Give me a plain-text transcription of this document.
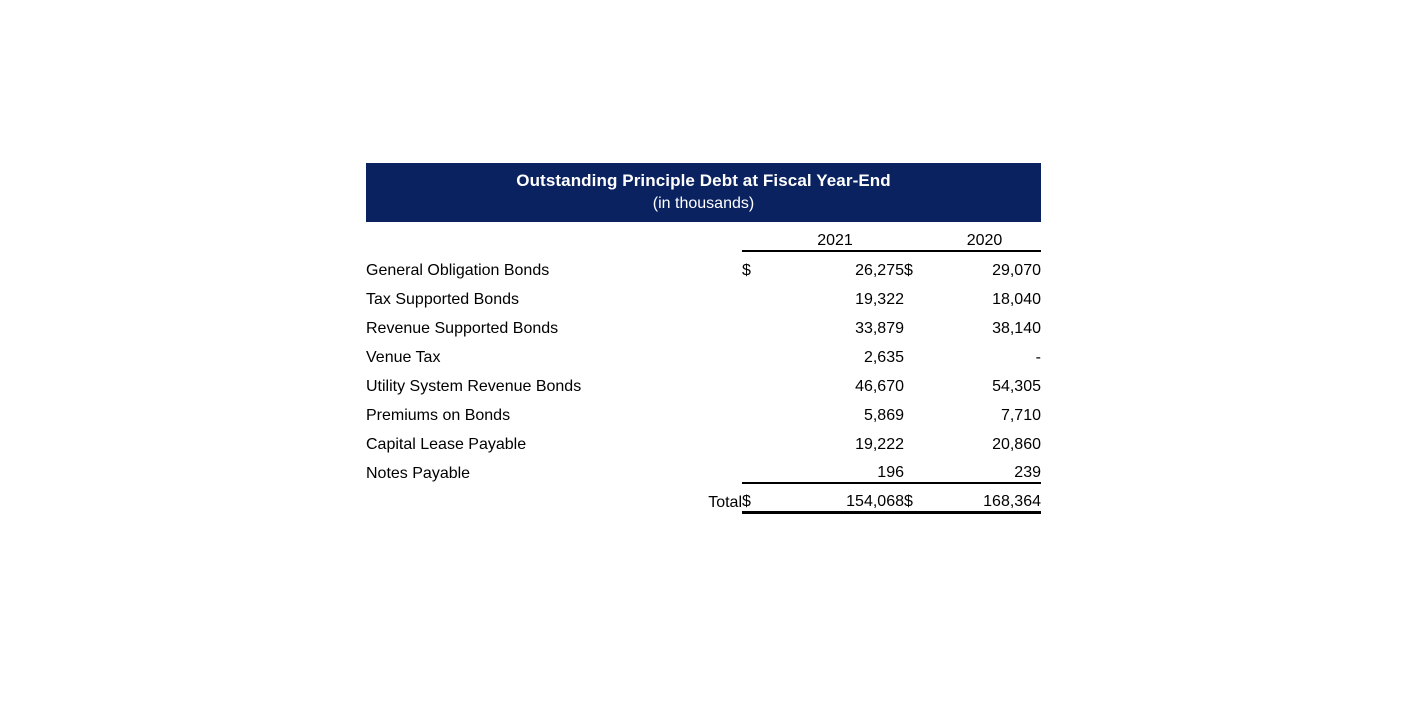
Outstanding Principle Debt at Fiscal Year-End
(in thousands)
		2021		2020
General Obligation Bonds	$	26,275	$	29,070
Tax Supported Bonds		19,322		18,040
Revenue Supported Bonds		33,879		38,140
Venue Tax		2,635		-
Utility System Revenue Bonds		46,670		54,305
Premiums on Bonds		5,869		7,710
Capital Lease Payable		19,222		20,860
Notes Payable		196		239
Total	$	154,068	$	168,364
